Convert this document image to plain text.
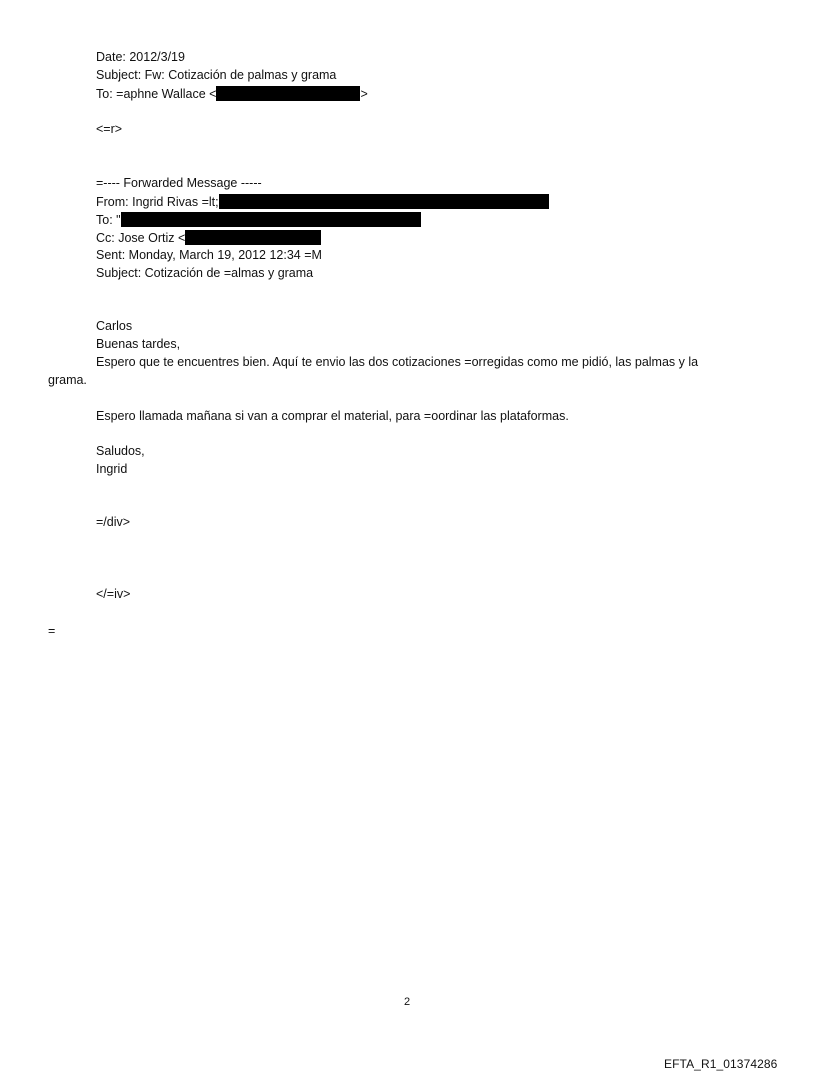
Date: 2012/3/19
Subject: Fw: Cotización de palmas y grama
To: =aphne Wallace <	>
<=r>
=---- Forwarded Message -----
From: Ingrid Rivas =lt;
To: "
Cc: Jose Ortiz <
Sent: Monday, March 19, 2012 12:34 =M
Subject: Cotización de =almas y grama
Carlos
Buenas tardes,
Espero que te encuentres bien. Aquí te envio las dos cotizaciones =orregidas como me pidió, las palmas y la
grama.
Espero llamada mañana si van a comprar el material, para =oordinar las plataformas.
Saludos,
Ingrid
=/div>
</=iv>
=
2
EFTA_R1_01374286
